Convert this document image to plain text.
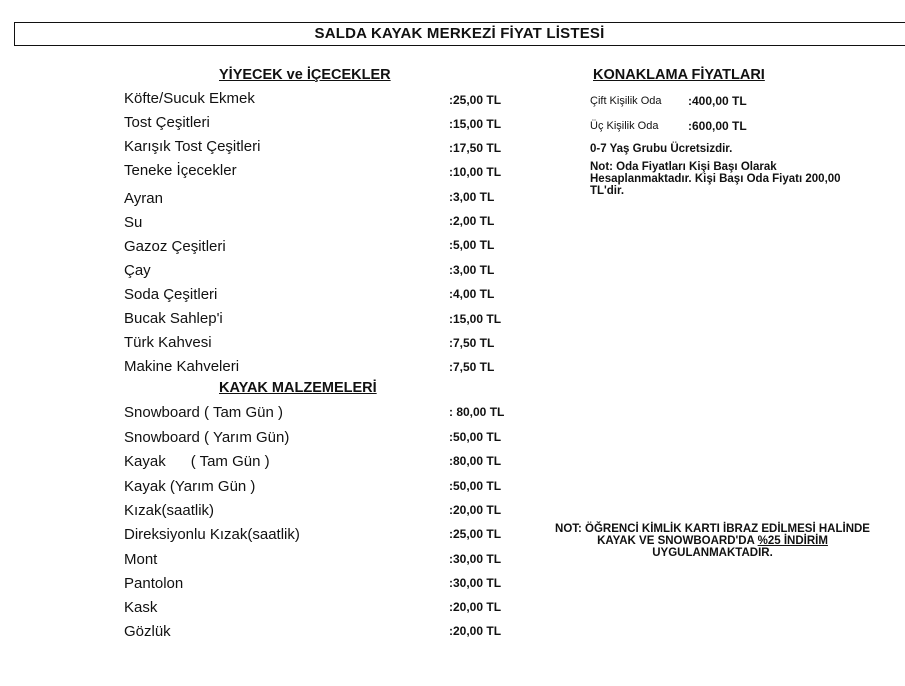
SALDA KAYAK MERKEZİ FİYAT LİSTESİ
YİYECEK ve İÇECEKLER
Köfte/Sucuk Ekmek	:25,00 TL
Tost Çeşitleri	:15,00 TL
Karışık Tost Çeşitleri	:17,50 TL
Teneke İçecekler	:10,00 TL
Ayran	:3,00 TL
Su	:2,00 TL
Gazoz Çeşitleri	:5,00 TL
Çay	:3,00 TL
Soda Çeşitleri	:4,00 TL
Bucak Sahlep'i	:15,00 TL
Türk Kahvesi	:7,50 TL
Makine Kahveleri	:7,50 TL
KAYAK MALZEMELERİ
Snowboard ( Tam Gün )	: 80,00 TL
Snowboard ( Yarım Gün)	:50,00 TL
Kayak      ( Tam Gün )	:80,00 TL
Kayak (Yarım Gün )	:50,00 TL
Kızak(saatlik)	:20,00 TL
Direksiyonlu Kızak(saatlik)	:25,00 TL
Mont	:30,00 TL
Pantolon	:30,00 TL
Kask	:20,00 TL
Gözlük	:20,00 TL
KONAKLAMA FİYATLARI
Çift Kişilik Oda :400,00 TL
Üç Kişilik Oda :600,00 TL
0-7 Yaş Grubu Ücretsizdir.
Not: Oda Fiyatları Kişi Başı Olarak Hesaplanmaktadır. Kişi Başı Oda Fiyatı 200,00 TL'dir.
NOT: ÖĞRENCİ KİMLİK KARTI İBRAZ EDİLMESİ HALİNDE KAYAK VE SNOWBOARD'DA %25 İNDİRİM UYGULANMAKTADIR.
